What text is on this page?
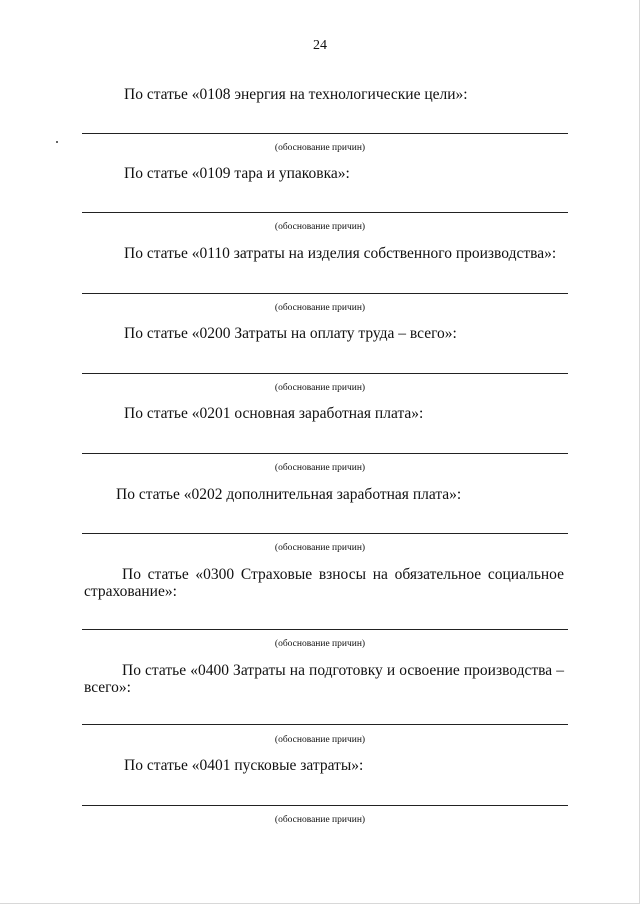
24
По статье «0108 энергия на технологические цели»:
(обоснование причин)
По статье «0109 тара и упаковка»:
(обоснование причин)
По статье «0110 затраты на изделия собственного производства»:
(обоснование причин)
По статье «0200 Затраты на оплату труда – всего»:
(обоснование причин)
По статье «0201 основная заработная плата»:
(обоснование причин)
По статье «0202 дополнительная заработная плата»:
(обоснование причин)
По статье «0300 Страховые взносы на обязательное социальное страхование»:
(обоснование причин)
По статье «0400 Затраты на подготовку и освоение производства – всего»:
(обоснование причин)
По статье «0401 пусковые затраты»:
(обоснование причин)
